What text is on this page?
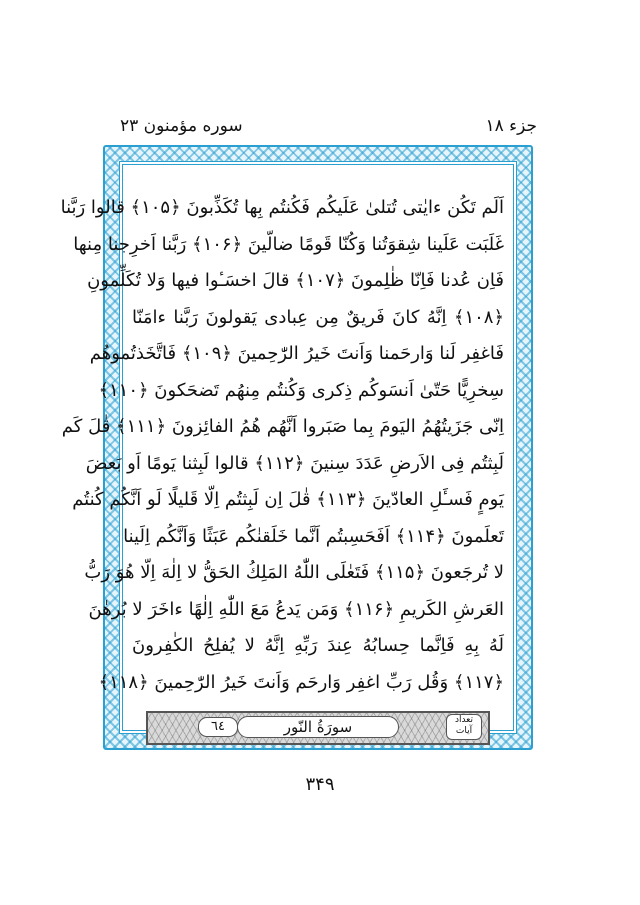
جزء ۱۸
سوره مؤمنون ۲۳
اَلَم تَكُن ءايٰتى تُتلىٰ عَلَيكُم فَكُنتُم بِها تُكَذِّبونَ ﴿۱۰۵﴾ قالوا رَبَّنا
غَلَبَت عَلَينا شِقوَتُنا وَكُنّا قَومًا ضالّينَ ﴿۱۰۶﴾ رَبَّنا اَخرِجنا مِنها
فَاِن عُدنا فَاِنّا ظٰلِمونَ ﴿۱۰۷﴾ قالَ اخسَـٔوا فيها وَلا تُكَلِّمونِ
﴿۱۰۸﴾ اِنَّهُ كانَ فَريقٌ مِن عِبادى يَقولونَ رَبَّنا ءامَنّا
فَاغفِر لَنا وَارحَمنا وَاَنتَ خَيرُ الرّٰحِمينَ ﴿۱۰۹﴾ فَاتَّخَذتُموهُم
سِخرِيًّا حَتّىٰ اَنسَوكُم ذِكرى وَكُنتُم مِنهُم تَضحَكونَ ﴿۱۱۰﴾
اِنّى جَزَيتُهُمُ اليَومَ بِما صَبَروا اَنَّهُم هُمُ الفائِزونَ ﴿۱۱۱﴾ قٰلَ كَم
لَبِثتُم فِى الاَرضِ عَدَدَ سِنينَ ﴿۱۱۲﴾ قالوا لَبِثنا يَومًا اَو بَعضَ
يَومٍ فَسـَٔلِ العادّينَ ﴿۱۱۳﴾ قٰلَ اِن لَبِثتُم اِلّا قَليلًا لَو اَنَّكُم كُنتُم
تَعلَمونَ ﴿۱۱۴﴾ اَفَحَسِبتُم اَنَّما خَلَقنٰكُم عَبَثًا وَاَنَّكُم اِلَينا
لا تُرجَعونَ ﴿۱۱۵﴾ فَتَعٰلَى اللّٰهُ المَلِكُ الحَقُّ لا اِلٰهَ اِلّا هُوَ رَبُّ
العَرشِ الكَريمِ ﴿۱۱۶﴾ وَمَن يَدعُ مَعَ اللّٰهِ اِلٰهًا ءاخَرَ لا بُرهٰنَ
لَهُ بِهِ فَاِنَّما حِسابُهُ عِندَ رَبِّهِ اِنَّهُ لا يُفلِحُ الكٰفِرونَ
﴿۱۱۷﴾ وَقُل رَبِّ اغفِر وَارحَم وَاَنتَ خَيرُ الرّٰحِمينَ ﴿۱۱۸﴾
تعداد آيات
سورَةُ النّور
٦٤
۳۴۹
